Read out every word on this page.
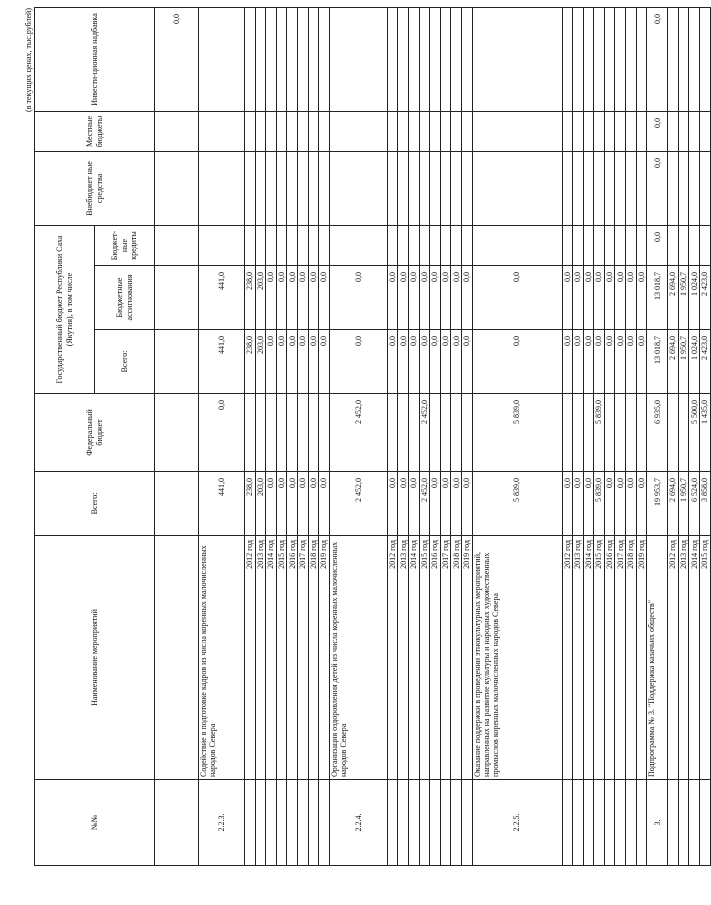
(в текущих ценах, тыс.рублей)
№№	Наименование мероприятий	Всего:	Федеральный бюджет	Государственный бюджет Республики Саха (Якутия), в том числе			Внебюджет ные средства	Местные бюджеты	Инвести-ционная надбавка
				Всего:	Бюджетные ассигнования	Бюджет-ные кредиты			
									0,0
2.2.3.	Содействие в подготовке кадров из числа коренных малочисленных народов Севера	441,0	0,0	441,0	441,0				
	2012 год	238,0		238,0	238,0				
	2013 год	203,0		203,0	203,0				
	2014 год	0,0		0,0	0,0				
	2015 год	0,0		0,0	0,0				
	2016 год	0,0		0,0	0,0				
	2017 год	0,0		0,0	0,0				
	2018 год	0,0		0,0	0,0				
	2019 год	0,0		0,0	0,0				
2.2.4.	Организация оздоровления детей из числа коренных малочисленных народов Севера	2 452,0	2 452,0	0,0	0,0				
	2012 год	0,0		0,0	0,0				
	2013 год	0,0		0,0	0,0				
	2014 год	0,0		0,0	0,0				
	2015 год	2 452,0	2 452,0	0,0	0,0				
	2016 год	0,0		0,0	0,0				
	2017 год	0,0		0,0	0,0				
	2018 год	0,0		0,0	0,0				
	2019 год	0,0		0,0	0,0				
2.2.5.	Оказание поддержки в проведении этнокультурных мероприятий, направленных на развитие культуры и народных художественных промыслов коренных малочисленных народов Севера	5 839,0	5 839,0	0,0	0,0				
	2012 год	0,0		0,0	0,0				
	2013 год	0,0		0,0	0,0				
	2014 год	0,0		0,0	0,0				
	2015 год	5 839,0	5 839,0	0,0	0,0				
	2016 год	0,0		0,0	0,0				
	2017 год	0,0		0,0	0,0				
	2018 год	0,0		0,0	0,0				
	2019 год	0,0		0,0	0,0				
3.	Подпрограмма № 3. "Поддержка казачьих обществ"	19 953,7	6 935,0	13 018,7	13 018,7	0,0	0,0	0,0	0,0
	2012 год	2 694,0		2 694,0	2 694,0				
	2013 год	1 950,7		1 950,7	1 950,7				
	2014 год	6 524,0	5 500,0	1 024,0	1 024,0				
	2015 год	3 858,0	1 435,0	2 423,0	2 423,0				
